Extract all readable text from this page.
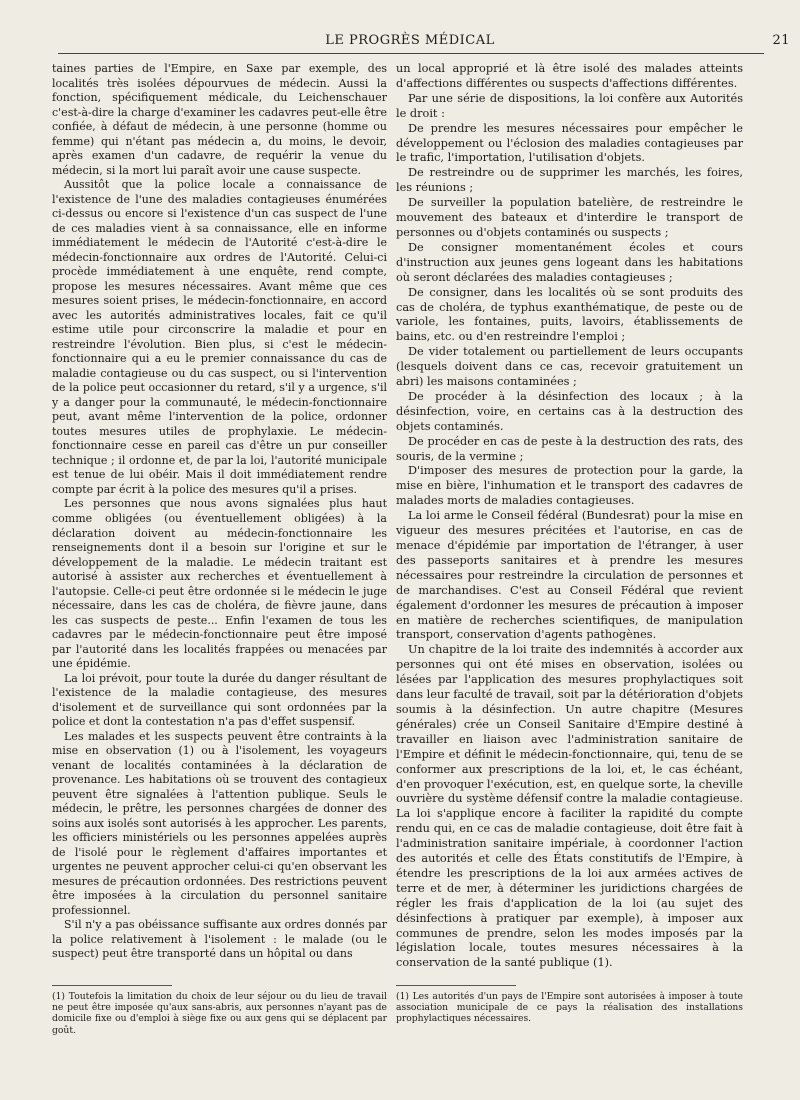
LE PROGRÈS MÉDICAL	21

taines parties de l'Empire, en Saxe par exemple, des localités très isolées dépourvues de médecin. Aussi la fonction, spécifiquement médicale, du Leichenschauer c'est-à-dire la charge d'examiner les cadavres peut-elle être confiée, à défaut de médecin, à une personne (homme ou femme) qui n'étant pas médecin a, du moins, le devoir, après examen d'un cadavre, de requérir la venue du médecin, si la mort lui paraît avoir une cause suspecte.

Aussitôt que la police locale a connaissance de l'existence de l'une des maladies contagieuses énumérées ci-dessus ou encore si l'existence d'un cas suspect de l'une de ces maladies vient à sa connaissance, elle en informe immédiatement le médecin de l'Autorité c'est-à-dire le médecin-fonctionnaire aux ordres de l'Autorité. Celui-ci procède immédiatement à une enquête, rend compte, propose les mesures nécessaires. Avant même que ces mesures soient prises, le médecin-fonctionnaire, en accord avec les autorités administratives locales, fait ce qu'il estime utile pour circonscrire la maladie et pour en restreindre l'évolution. Bien plus, si c'est le médecin-fonctionnaire qui a eu le premier connaissance du cas de maladie contagieuse ou du cas suspect, ou si l'intervention de la police peut occasionner du retard, s'il y a urgence, s'il y a danger pour la communauté, le médecin-fonctionnaire peut, avant même l'intervention de la police, ordonner toutes mesures utiles de prophylaxie. Le médecin-fonctionnaire cesse en pareil cas d'être un pur conseiller technique ; il ordonne et, de par la loi, l'autorité municipale est tenue de lui obéir. Mais il doit immédiatement rendre compte par écrit à la police des mesures qu'il a prises.

Les personnes que nous avons signalées plus haut comme obligées (ou éventuellement obligées) à la déclaration doivent au médecin-fonctionnaire les renseignements dont il a besoin sur l'origine et sur le développement de la maladie. Le médecin traitant est autorisé à assister aux recherches et éventuellement à l'autopsie. Celle-ci peut être ordonnée si le médecin le juge nécessaire, dans les cas de choléra, de fièvre jaune, dans les cas suspects de peste... Enfin l'examen de tous les cadavres par le médecin-fonctionnaire peut être imposé par l'autorité dans les localités frappées ou menacées par une épidémie.

La loi prévoit, pour toute la durée du danger résultant de l'existence de la maladie contagieuse, des mesures d'isolement et de surveillance qui sont ordonnées par la police et dont la contestation n'a pas d'effet suspensif.

Les malades et les suspects peuvent être contraints à la mise en observation (1) ou à l'isolement, les voyageurs venant de localités contaminées à la déclaration de provenance. Les habitations où se trouvent des contagieux peuvent être signalées à l'attention publique. Seuls le médecin, le prêtre, les personnes chargées de donner des soins aux isolés sont autorisés à les approcher. Les parents, les officiers ministériels ou les personnes appelées auprès de l'isolé pour le règlement d'affaires importantes et urgentes ne peuvent approcher celui-ci qu'en observant les mesures de précaution ordonnées. Des restrictions peuvent être imposées à la circulation du personnel sanitaire professionnel.

S'il n'y a pas obéissance suffisante aux ordres donnés par la police relativement à l'isolement : le malade (ou le suspect) peut être transporté dans un hôpital ou dans

un local approprié et là être isolé des malades atteints d'affections différentes ou suspects d'affections différentes.

Par une série de dispositions, la loi confère aux Autorités le droit :

De prendre les mesures nécessaires pour empêcher le développement ou l'éclosion des maladies contagieuses par le trafic, l'importation, l'utilisation d'objets.

De restreindre ou de supprimer les marchés, les foires, les réunions ;

De surveiller la population batelière, de restreindre le mouvement des bateaux et d'interdire le transport de personnes ou d'objets contaminés ou suspects ;

De consigner momentanément écoles et cours d'instruction aux jeunes gens logeant dans les habitations où seront déclarées des maladies contagieuses ;

De consigner, dans les localités où se sont produits des cas de choléra, de typhus exanthématique, de peste ou de variole, les fontaines, puits, lavoirs, établissements de bains, etc. ou d'en restreindre l'emploi ;

De vider totalement ou partiellement de leurs occupants (lesquels doivent dans ce cas, recevoir gratuitement un abri) les maisons contaminées ;

De procéder à la désinfection des locaux ; à la désinfection, voire, en certains cas à la destruction des objets contaminés.

De procéder en cas de peste à la destruction des rats, des souris, de la vermine ;

D'imposer des mesures de protection pour la garde, la mise en bière, l'inhumation et le transport des cadavres de malades morts de maladies contagieuses.

La loi arme le Conseil fédéral (Bundesrat) pour la mise en vigueur des mesures précitées et l'autorise, en cas de menace d'épidémie par importation de l'étranger, à user des passeports sanitaires et à prendre les mesures nécessaires pour restreindre la circulation de personnes et de marchandises. C'est au Conseil Fédéral que revient également d'ordonner les mesures de précaution à imposer en matière de recherches scientifiques, de manipulation transport, conservation d'agents pathogènes.

Un chapitre de la loi traite des indemnités à accorder aux personnes qui ont été mises en observation, isolées ou lésées par l'application des mesures prophylactiques soit dans leur faculté de travail, soit par la détérioration d'objets soumis à la désinfection. Un autre chapitre (Mesures générales) crée un Conseil Sanitaire d'Empire destiné à travailler en liaison avec l'administration sanitaire de l'Empire et définit le médecin-fonctionnaire, qui, tenu de se conformer aux prescriptions de la loi, et, le cas échéant, d'en provoquer l'exécution, est, en quelque sorte, la cheville ouvrière du système défensif contre la maladie contagieuse. La loi s'applique encore à faciliter la rapidité du compte rendu qui, en ce cas de maladie contagieuse, doit être fait à l'administration sanitaire impériale, à coordonner l'action des autorités et celle des États constitutifs de l'Empire, à étendre les prescriptions de la loi aux armées actives de terre et de mer, à déterminer les juridictions chargées de régler les frais d'application de la loi (au sujet des désinfections à pratiquer par exemple), à imposer aux communes de prendre, selon les modes imposés par la législation locale, toutes mesures nécessaires à la conservation de la santé publique (1).

(1) Toutefois la limitation du choix de leur séjour ou du lieu de travail ne peut être imposée qu'aux sans-abris, aux personnes n'ayant pas de domicile fixe ou d'emploi à siège fixe ou aux gens qui se déplacent par goût.
(1) Les autorités d'un pays de l'Empire sont autorisées à imposer à toute association municipale de ce pays la réalisation des installations prophylactiques nécessaires.
